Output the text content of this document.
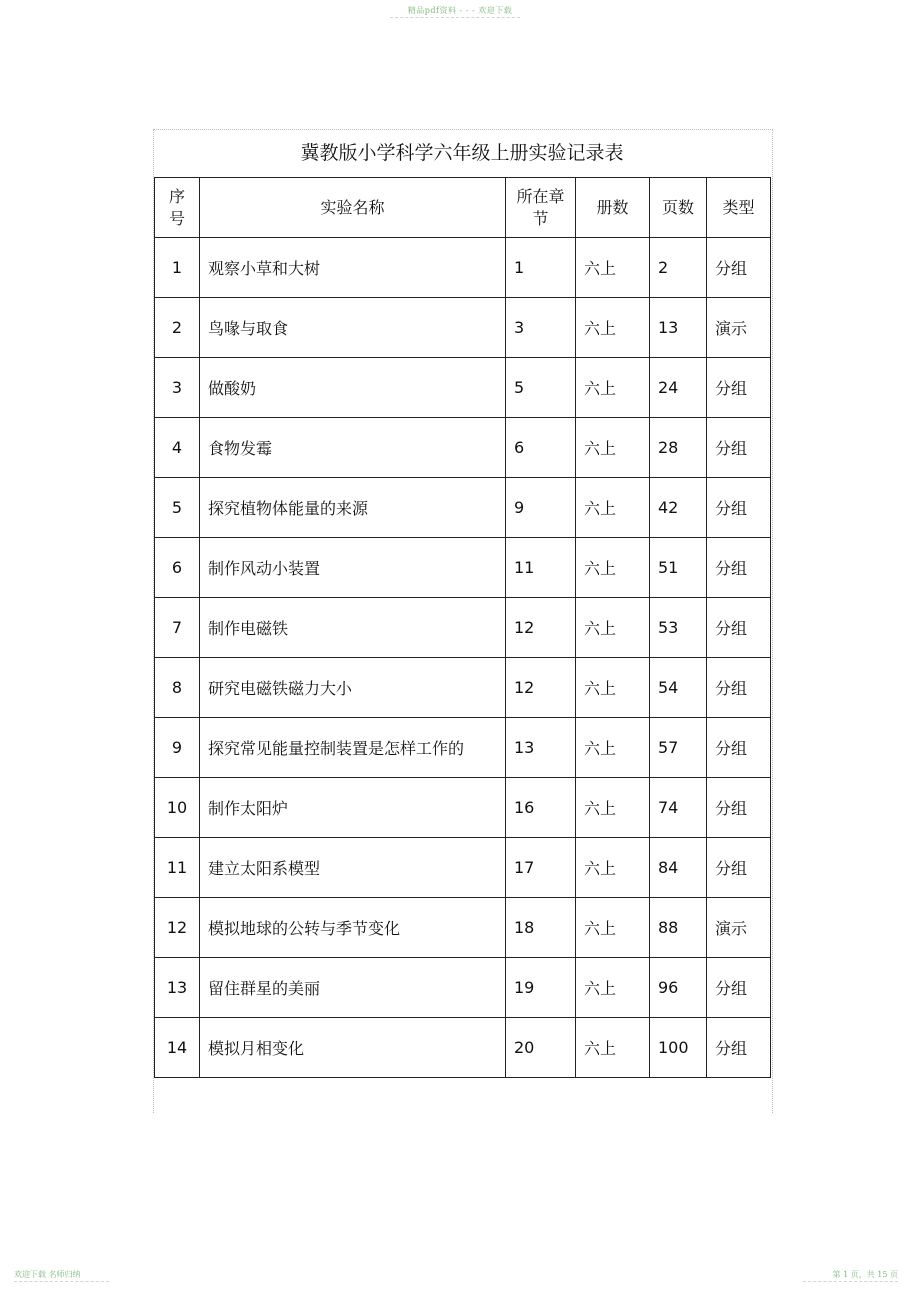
精品pdf资料 - - - 欢迎下载
冀教版小学科学六年级上册实验记录表
序号	实验名称	所在章节	册数	页数	类型
1	观察小草和大树	1	六上	2	分组
2	鸟喙与取食	3	六上	13	演示
3	做酸奶	5	六上	24	分组
4	食物发霉	6	六上	28	分组
5	探究植物体能量的来源	9	六上	42	分组
6	制作风动小装置	11	六上	51	分组
7	制作电磁铁	12	六上	53	分组
8	研究电磁铁磁力大小	12	六上	54	分组
9	探究常见能量控制装置是怎样工作的	13	六上	57	分组
10	制作太阳炉	16	六上	74	分组
11	建立太阳系模型	17	六上	84	分组
12	模拟地球的公转与季节变化	18	六上	88	演示
13	留住群星的美丽	19	六上	96	分组
14	模拟月相变化	20	六上	100	分组
欢迎下载 名师归纳	第 1 页，共 15 页
